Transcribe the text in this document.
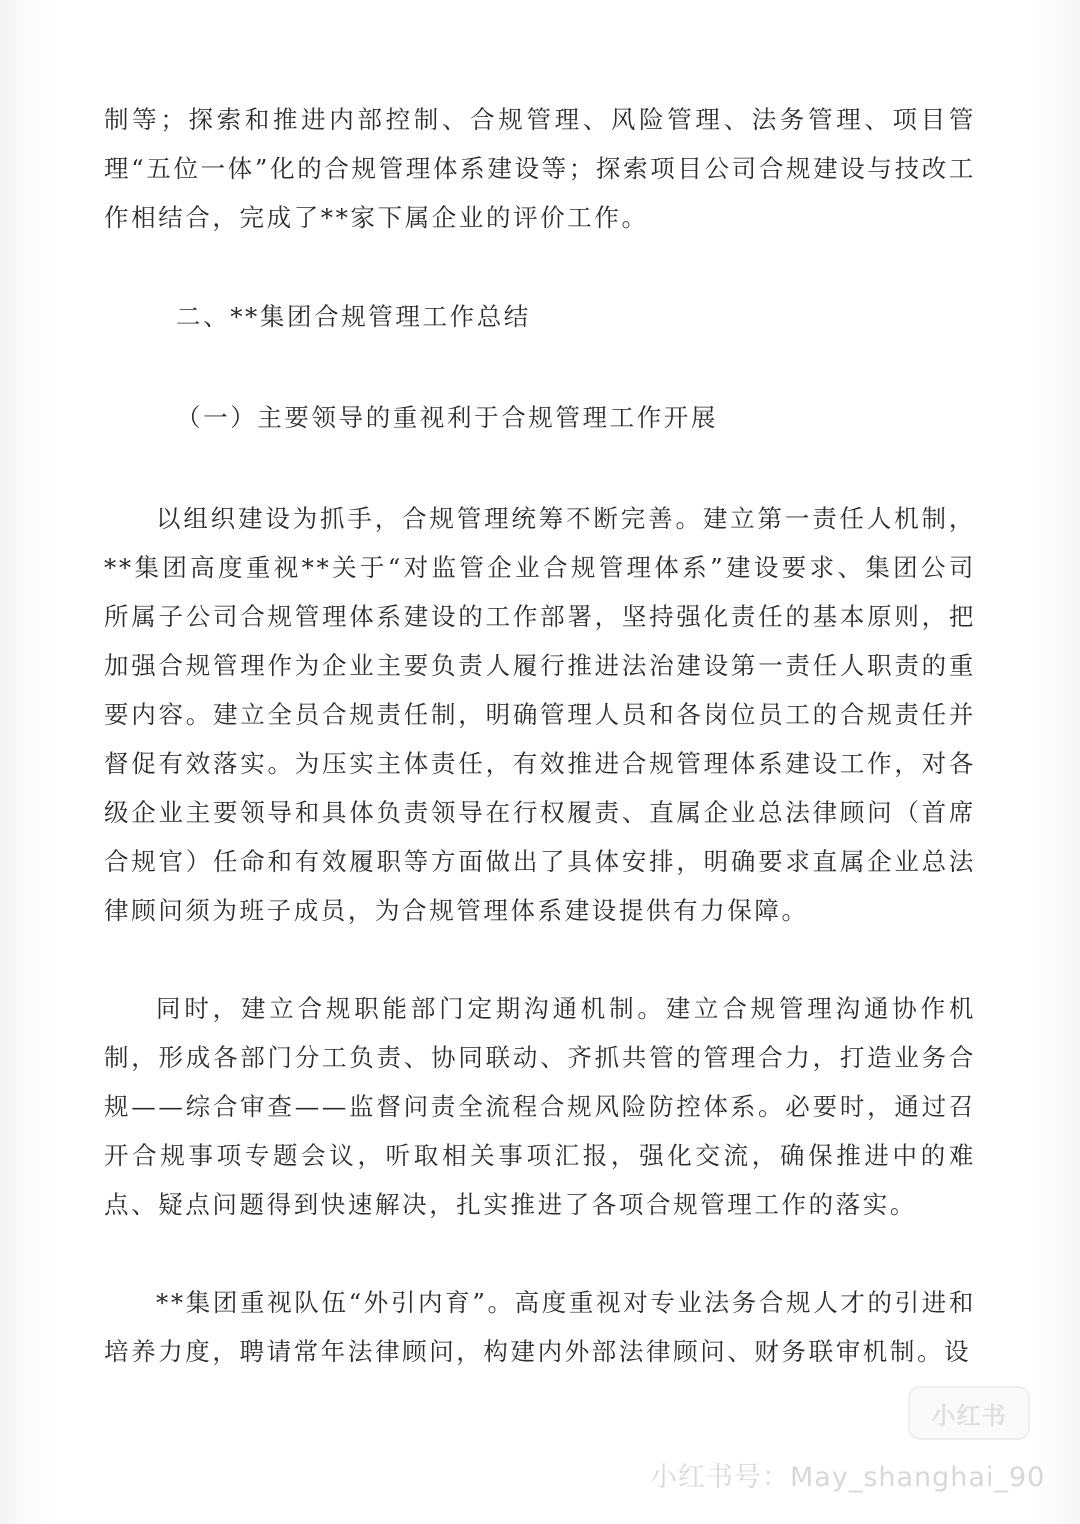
制等；探索和推进内部控制、合规管理、风险管理、法务管理、项目管理“五位一体”化的合规管理体系建设等；探索项目公司合规建设与技改工作相结合，完成了**家下属企业的评价工作。

二、**集团合规管理工作总结

（一）主要领导的重视利于合规管理工作开展

以组织建设为抓手，合规管理统筹不断完善。建立第一责任人机制，**集团高度重视**关于“对监管企业合规管理体系”建设要求、集团公司所属子公司合规管理体系建设的工作部署，坚持强化责任的基本原则，把加强合规管理作为企业主要负责人履行推进法治建设第一责任人职责的重要内容。建立全员合规责任制，明确管理人员和各岗位员工的合规责任并督促有效落实。为压实主体责任，有效推进合规管理体系建设工作，对各级企业主要领导和具体负责领导在行权履责、直属企业总法律顾问（首席合规官）任命和有效履职等方面做出了具体安排，明确要求直属企业总法律顾问须为班子成员，为合规管理体系建设提供有力保障。

同时，建立合规职能部门定期沟通机制。建立合规管理沟通协作机制，形成各部门分工负责、协同联动、齐抓共管的管理合力，打造业务合规——综合审查——监督问责全流程合规风险防控体系。必要时，通过召开合规事项专题会议，听取相关事项汇报，强化交流，确保推进中的难点、疑点问题得到快速解决，扎实推进了各项合规管理工作的落实。

**集团重视队伍“外引内育”。高度重视对专业法务合规人才的引进和培养力度，聘请常年法律顾问，构建内外部法律顾问、财务联审机制。设

小红书
小红书号：May_shanghai_90
